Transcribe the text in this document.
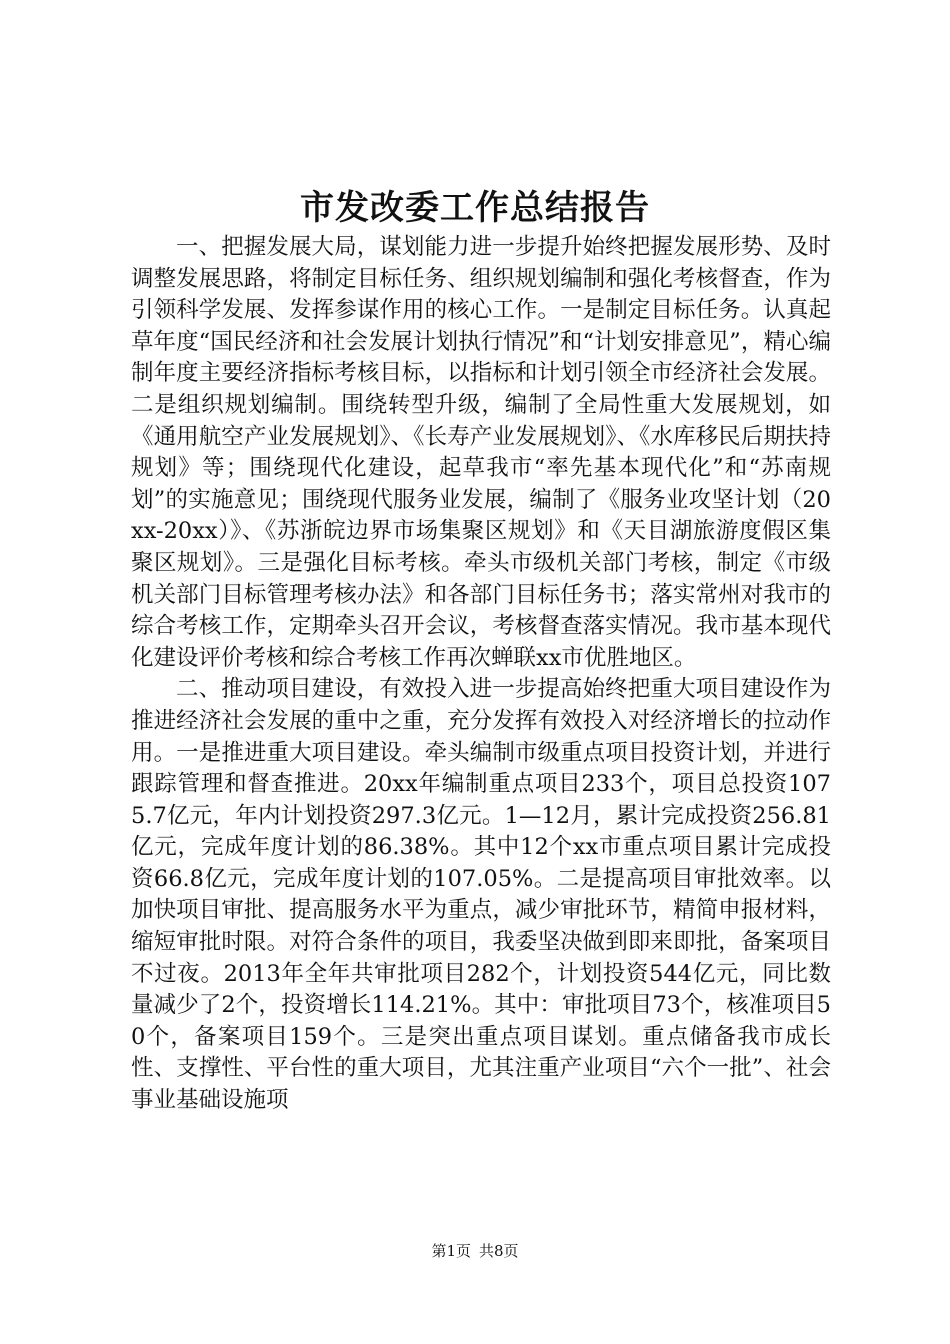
市发改委工作总结报告

一、把握发展大局，谋划能力进一步提升始终把握发展形势、及时调整发展思路，将制定目标任务、组织规划编制和强化考核督查，作为引领科学发展、发挥参谋作用的核心工作。一是制定目标任务。认真起草年度“国民经济和社会发展计划执行情况”和“计划安排意见”，精心编制年度主要经济指标考核目标，以指标和计划引领全市经济社会发展。二是组织规划编制。围绕转型升级，编制了全局性重大发展规划，如《通用航空产业发展规划》、《长寿产业发展规划》、《水库移民后期扶持规划》等；围绕现代化建设，起草我市“率先基本现代化”和“苏南规划”的实施意见；围绕现代服务业发展，编制了《服务业攻坚计划（20xx-20xx）》、《苏浙皖边界市场集聚区规划》和《天目湖旅游度假区集聚区规划》。三是强化目标考核。牵头市级机关部门考核，制定《市级机关部门目标管理考核办法》和各部门目标任务书；落实常州对我市的综合考核工作，定期牵头召开会议，考核督查落实情况。我市基本现代化建设评价考核和综合考核工作再次蝉联xx市优胜地区。

二、推动项目建设，有效投入进一步提高始终把重大项目建设作为推进经济社会发展的重中之重，充分发挥有效投入对经济增长的拉动作用。一是推进重大项目建设。牵头编制市级重点项目投资计划，并进行跟踪管理和督查推进。20xx年编制重点项目233个，项目总投资1075.7亿元，年内计划投资297.3亿元。1—12月，累计完成投资256.81亿元，完成年度计划的86.38%。其中12个xx市重点项目累计完成投资66.8亿元，完成年度计划的107.05%。二是提高项目审批效率。以加快项目审批、提高服务水平为重点，减少审批环节，精简申报材料，缩短审批时限。对符合条件的项目，我委坚决做到即来即批，备案项目不过夜。2013年全年共审批项目282个，计划投资544亿元，同比数量减少了2个，投资增长114.21%。其中：审批项目73个，核准项目50个，备案项目159个。三是突出重点项目谋划。重点储备我市成长性、支撑性、平台性的重大项目，尤其注重产业项目“六个一批”、社会事业基础设施项

第1页 共8页
